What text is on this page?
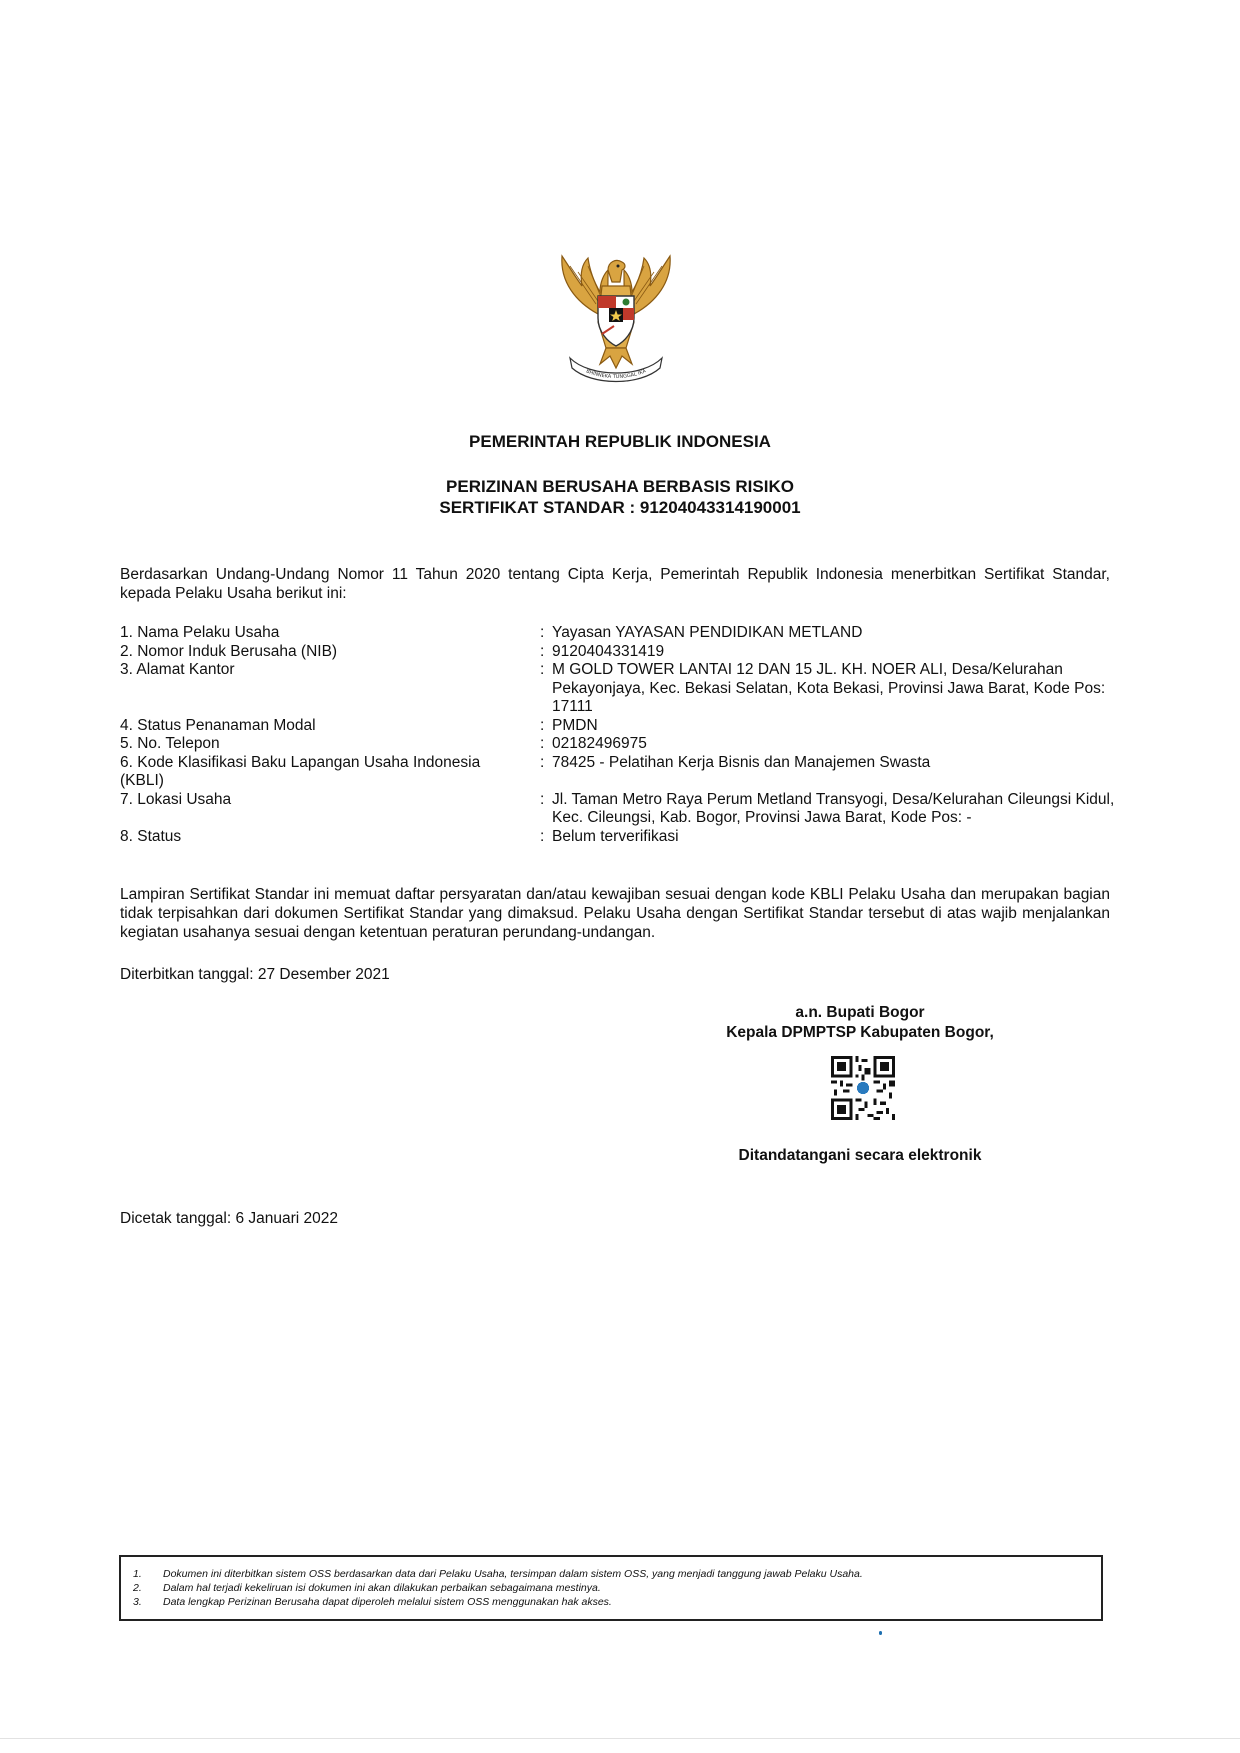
BHINNEKA TUNGGAL IKA
PEMERINTAH REPUBLIK INDONESIA
PERIZINAN BERUSAHA BERBASIS RISIKO
SERTIFIKAT STANDAR : 91204043314190001
Berdasarkan Undang-Undang Nomor 11 Tahun 2020 tentang Cipta Kerja, Pemerintah Republik Indonesia menerbitkan Sertifikat Standar, kepada Pelaku Usaha berikut ini:
1. Nama Pelaku Usaha	: Yayasan YAYASAN PENDIDIKAN METLAND
2. Nomor Induk Berusaha (NIB)	: 9120404331419
3. Alamat Kantor	: M GOLD TOWER LANTAI 12 DAN 15 JL. KH. NOER ALI, Desa/Kelurahan Pekayonjaya, Kec. Bekasi Selatan, Kota Bekasi, Provinsi Jawa Barat, Kode Pos: 17111
4. Status Penanaman Modal	: PMDN
5. No. Telepon	: 02182496975
6. Kode Klasifikasi Baku Lapangan Usaha Indonesia (KBLI)
: 78425 - Pelatihan Kerja Bisnis dan Manajemen Swasta
7. Lokasi Usaha	: Jl. Taman Metro Raya Perum Metland Transyogi, Desa/Kelurahan Cileungsi Kidul, Kec. Cileungsi, Kab. Bogor, Provinsi Jawa Barat, Kode Pos: -
8. Status	: Belum terverifikasi
Lampiran Sertifikat Standar ini memuat daftar persyaratan dan/atau kewajiban sesuai dengan kode KBLI Pelaku Usaha dan merupakan bagian tidak terpisahkan dari dokumen Sertifikat Standar yang dimaksud. Pelaku Usaha dengan Sertifikat Standar tersebut di atas wajib menjalankan kegiatan usahanya sesuai dengan ketentuan peraturan perundang-undangan.
Diterbitkan tanggal: 27 Desember 2021
a.n. Bupati Bogor
Kepala DPMPTSP Kabupaten Bogor,
Ditandatangani secara elektronik
Dicetak tanggal: 6 Januari 2022
1.	Dokumen ini diterbitkan sistem OSS berdasarkan data dari Pelaku Usaha, tersimpan dalam sistem OSS, yang menjadi tanggung jawab Pelaku Usaha.
2.	Dalam hal terjadi kekeliruan isi dokumen ini akan dilakukan perbaikan sebagaimana mestinya.
3.	Data lengkap Perizinan Berusaha dapat diperoleh melalui sistem OSS menggunakan hak akses.
